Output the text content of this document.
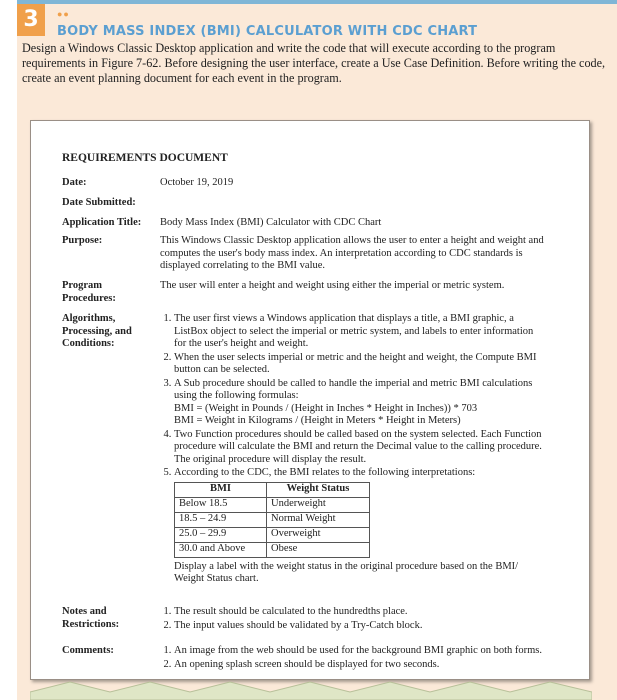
3	●●
BODY MASS INDEX (BMI) CALCULATOR WITH CDC CHART
Design a Windows Classic Desktop application and write the code that will execute according to the program requirements in Figure 7-62. Before designing the user interface, create a Use Case Definition. Before writing the code, create an event planning document for each event in the program.
REQUIREMENTS DOCUMENT
Date:	October 19, 2019
Date Submitted:
Application Title:	Body Mass Index (BMI) Calculator with CDC Chart
Purpose:	This Windows Classic Desktop application allows the user to enter a height and weight and computes the user's body mass index. An interpretation according to CDC standards is displayed correlating to the BMI value.
Program Procedures:
The user will enter a height and weight using either the imperial or metric system.
Algorithms, Processing, and Conditions:
1. The user first views a Windows application that displays a title, a BMI graphic, a ListBox object to select the imperial or metric system, and labels to enter information for the user's height and weight.
2. When the user selects imperial or metric and the height and weight, the Compute BMI button can be selected.
3. A Sub procedure should be called to handle the imperial and metric BMI calculations using the following formulas:
BMI = (Weight in Pounds / (Height in Inches * Height in Inches)) * 703
BMI = Weight in Kilograms / (Height in Meters * Height in Meters)
4. Two Function procedures should be called based on the system selected. Each Function procedure will calculate the BMI and return the Decimal value to the calling procedure. The original procedure will display the result.
5. According to the CDC, the BMI relates to the following interpretations:
BMI	Weight Status
Below 18.5	Underweight
18.5 – 24.9	Normal Weight
25.0 – 29.9	Overweight
30.0 and Above	Obese
Display a label with the weight status in the original procedure based on the BMI/ Weight Status chart.
Notes and Restrictions:
1. The result should be calculated to the hundredths place.
2. The input values should be validated by a Try-Catch block.
Comments:	1. An image from the web should be used for the background BMI graphic on both forms.
2. An opening splash screen should be displayed for two seconds.
